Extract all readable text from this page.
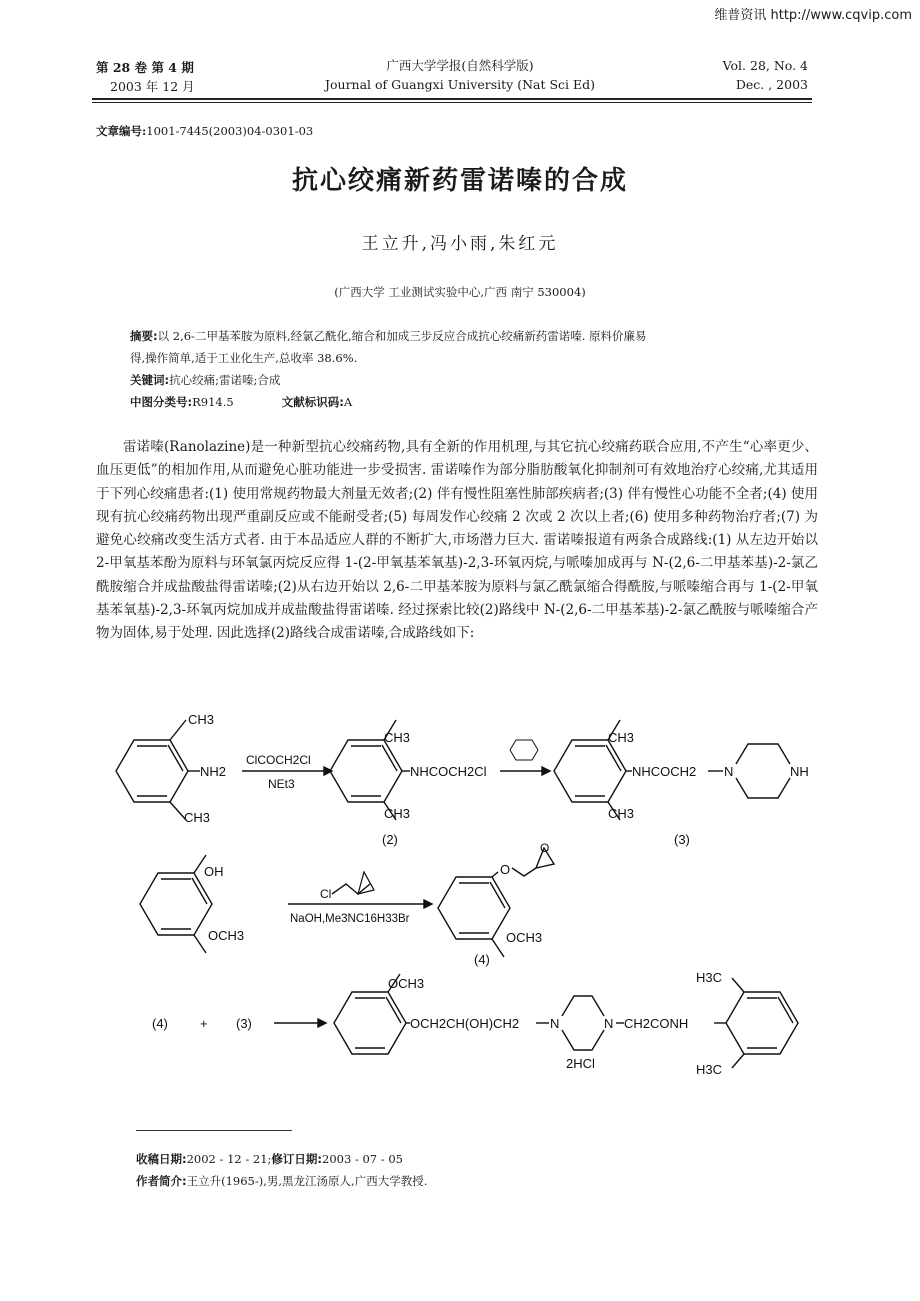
维普资讯 http://www.cqvip.com
第 28 卷 第 4 期
2003 年 12 月
广西大学学报(自然科学版)
Journal of Guangxi University (Nat Sci Ed)
Vol. 28, No. 4
Dec. , 2003
文章编号:1001-7445(2003)04-0301-03
抗心绞痛新药雷诺嗪的合成
王立升,冯小雨,朱红元
(广西大学 工业测试实验中心,广西 南宁 530004)
摘要:以 2,6-二甲基苯胺为原料,经氯乙酰化,缩合和加成三步反应合成抗心绞痛新药雷诺嗪. 原料价廉易
得,操作简单,适于工业化生产,总收率 38.6%.
关键词:抗心绞痛;雷诺嗪;合成
中图分类号:R914.5	文献标识码:A

雷诺嗪(Ranolazine)是一种新型抗心绞痛药物,具有全新的作用机理,与其它抗心绞痛药联合应用,不产生“心率更少、血压更低”的相加作用,从而避免心脏功能进一步受损害. 雷诺嗪作为部分脂肪酸氧化抑制剂可有效地治疗心绞痛,尤其适用于下列心绞痛患者:(1) 使用常规药物最大剂量无效者;(2) 伴有慢性阻塞性肺部疾病者;(3) 伴有慢性心功能不全者;(4) 使用现有抗心绞痛药物出现严重副反应或不能耐受者;(5) 每周发作心绞痛 2 次或 2 次以上者;(6) 使用多种药物治疗者;(7) 为避免心绞痛改变生活方式者. 由于本品适应人群的不断扩大,市场潜力巨大. 雷诺嗪报道有两条合成路线:(1) 从左边开始以 2-甲氧基苯酚为原料与环氧氯丙烷反应得 1-(2-甲氧基苯氧基)-2,3-环氧丙烷,与哌嗪加成再与 N-(2,6-二甲基苯基)-2-氯乙酰胺缩合并成盐酸盐得雷诺嗪;(2)从右边开始以 2,6-二甲基苯胺为原料与氯乙酰氯缩合得酰胺,与哌嗪缩合再与 1-(2-甲氧基苯氧基)-2,3-环氧丙烷加成并成盐酸盐得雷诺嗪. 经过探索比较(2)路线中 N-(2,6-二甲基苯基)-2-氯乙酰胺与哌嗪缩合产物为固体,易于处理. 因此选择(2)路线合成雷诺嗪,合成路线如下:

CH3
NH2
CH3
ClCOCH2Cl
NEt3
CH3
NHCOCH2Cl
CH3
(2)
CH3
NHCOCH2 N	NH
CH3
(3)
OH
OCH3
Cl
NaOH,Me3NC16H33Br
O
O
OCH3
(4)
(4) + (3)
OCH3
OCH2CH(OH)CH2 N	N CH2CONH
2HCl
H3C
H3C
收稿日期:2002 - 12 - 21;修订日期:2003 - 07 - 05
作者简介:王立升(1965-),男,黑龙江汤原人,广西大学教授.
